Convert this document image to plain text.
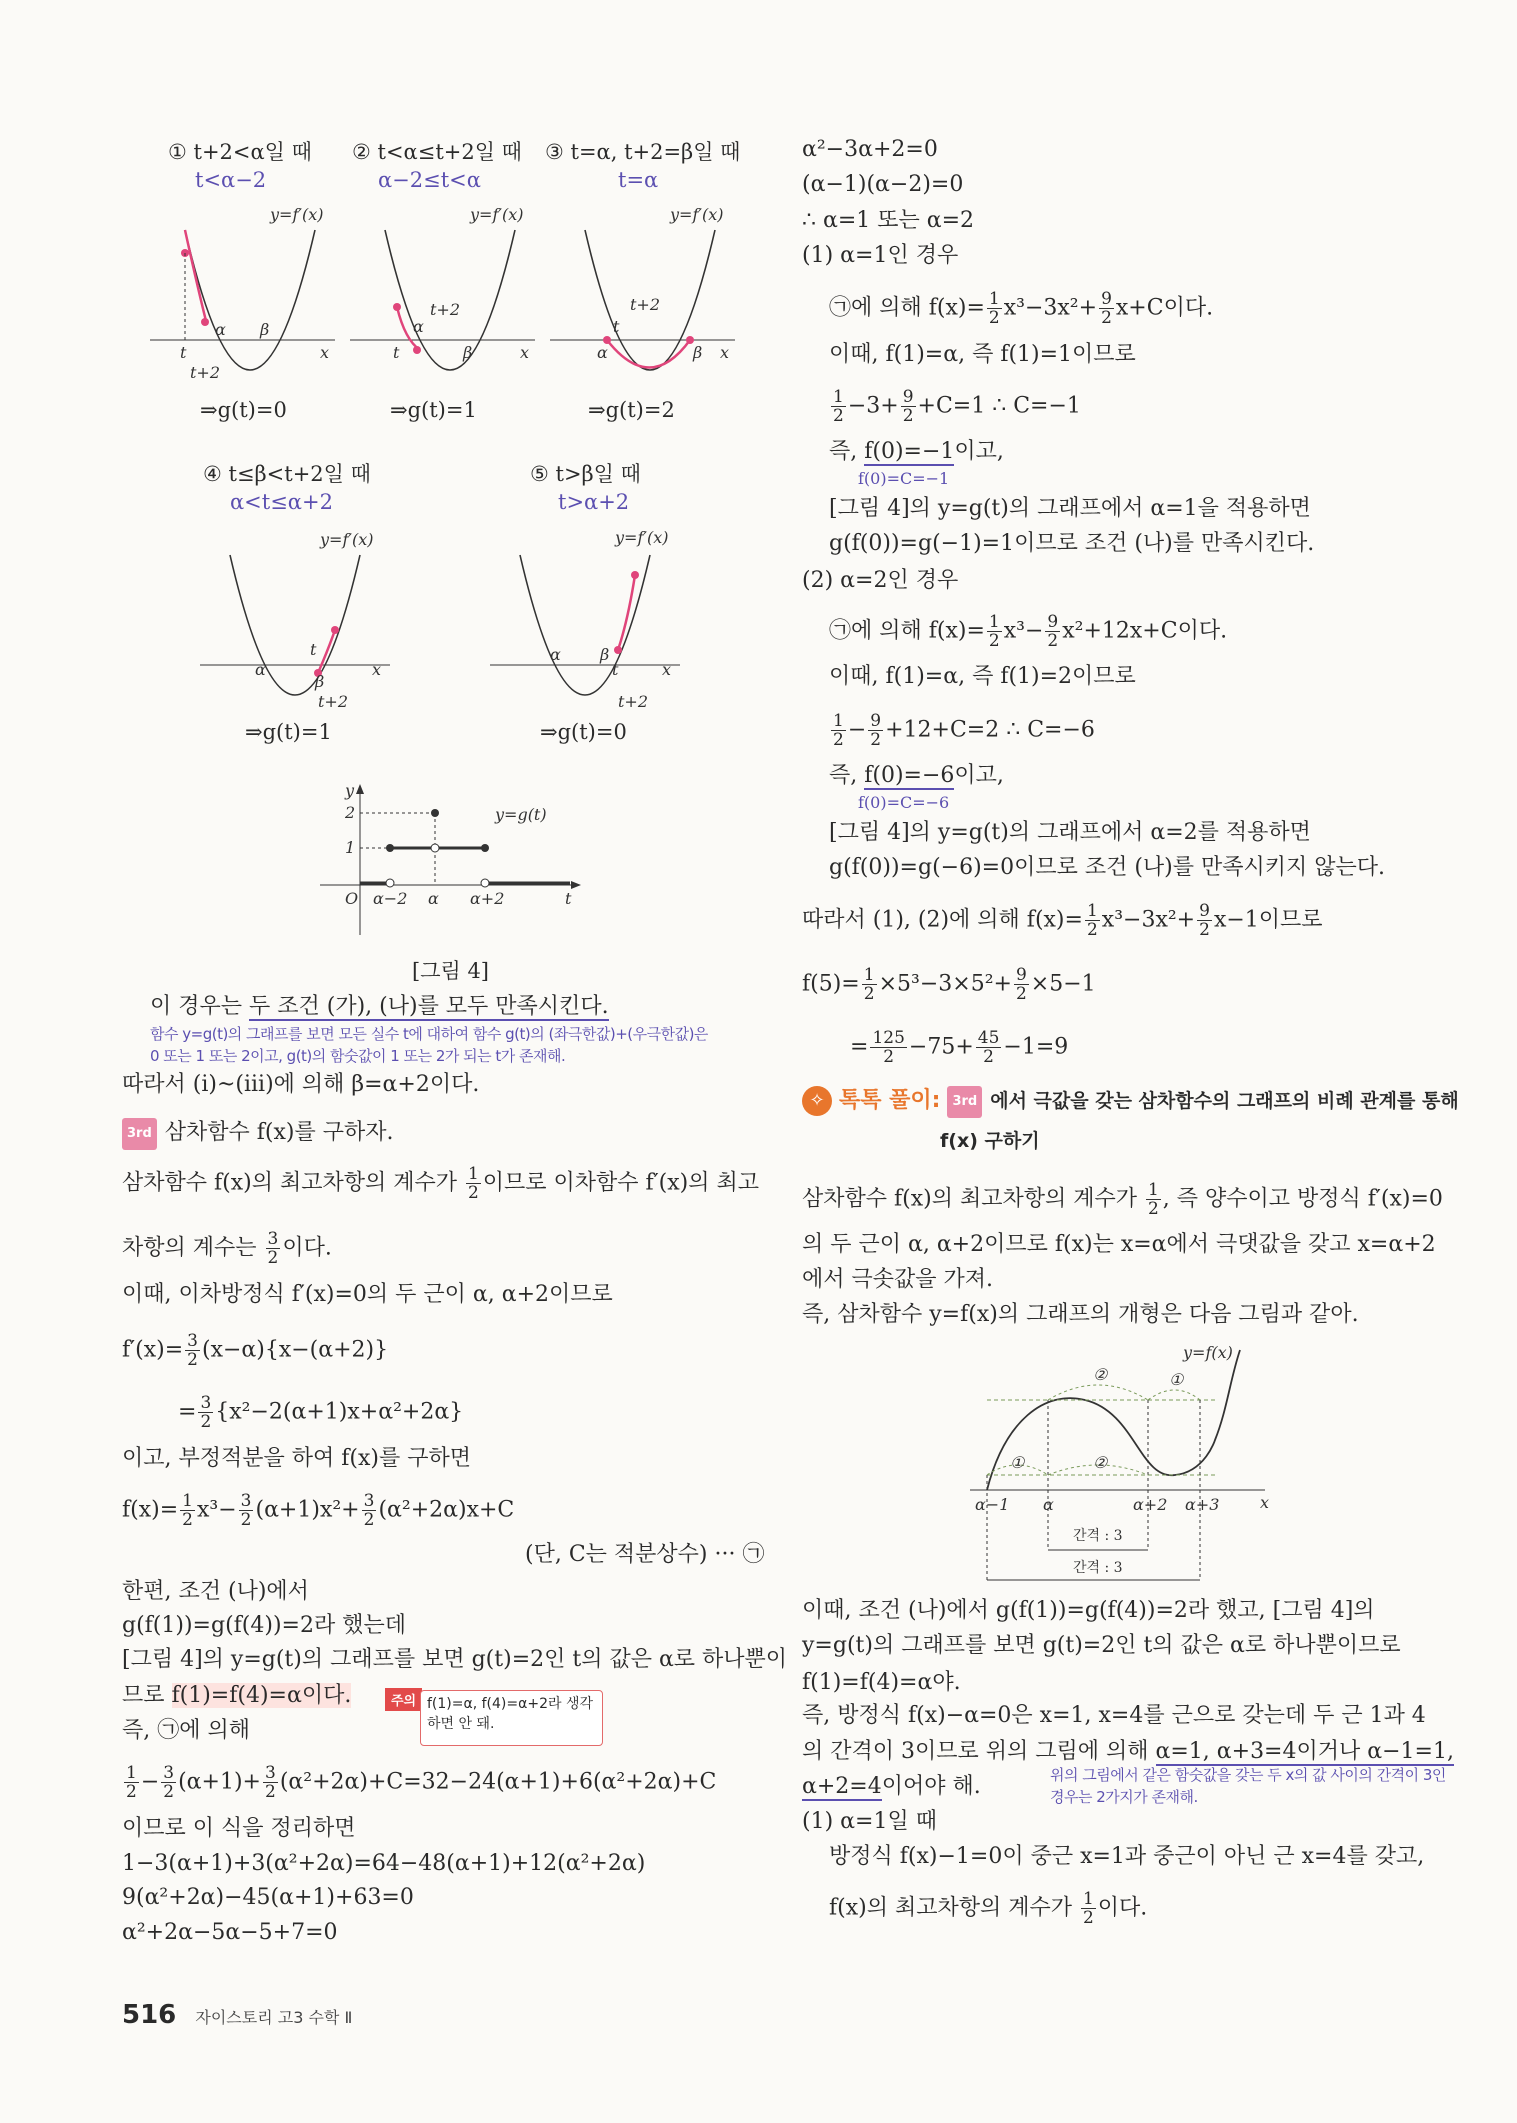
① t+2<α일 때
t<α−2
② t<α≤t+2일 때
α−2≤t<α
③ t=α, t+2=β일 때
t=α
y=f′(x)
α β
t
t+2
x
y=f′(x)
α
β
t
t+2
x
y=f′(x)
α	β
t
t+2
x
⇒g(t)=0	⇒g(t)=1	⇒g(t)=2
④ t≤β<t+2일 때
α<t≤α+2
⑤ t>β일 때
t>α+2
y=f′(x)
α
β
t
t+2
x
y=f′(x)
α β
t
t+2
x
⇒g(t)=1	⇒g(t)=0
y
2
1
O α−2 α α+2	t
y=g(t)
[그림 4]
이 경우는 두 조건 (가), (나)를 모두 만족시킨다.
함수 y=g(t)의 그래프를 보면 모든 실수 t에 대하여 함수 g(t)의 (좌극한값)+(우극한값)은
0 또는 1 또는 2이고, g(t)의 함숫값이 1 또는 2가 되는 t가 존재해.
따라서 (i)~(iii)에 의해 β=α+2이다.
3rd 삼차함수 f(x)를 구하자.
삼차함수 f(x)의 최고차항의 계수가 $\frac{1}{2}$ 이므로 이차함수 f′(x)의 최고
차항의 계수는 $\frac{3}{2}$ 이다.
이때, 이차방정식 f′(x)=0의 두 근이 α, α+2이므로
$f'(x)= \frac{3}{2} (x-\alpha)\{x-(\alpha+2)\}$
= $\frac{3}{2} \{x^2-2(\alpha+1)x+\alpha^2+2\alpha\}$
이고, 부정적분을 하여 f(x)를 구하면
$f(x)= \frac{1}{2} x^3- \frac{3}{2} (\alpha+1)x^2+ \frac{3}{2} (\alpha^2+2\alpha)x+C$
(단, C는 적분상수) ··· ㉠
한편, 조건 (나)에서
g(f(1))=g(f(4))=2라 했는데
[그림 4]의 y=g(t)의 그래프를 보면 g(t)=2인 t의 값은 α로 하나뿐이
므로 f(1)=f(4)=α이다.	주의 f(1)=α, f(4)=α+2라 생각하면 안 돼.
즉, ㉠에 의해
$\frac{1}{2} - \frac{3}{2} (\alpha+1)+ \frac{3}{2} (\alpha^2+2\alpha)+C=32-24(\alpha+1)+6(\alpha^2+2\alpha)+C$
이므로 이 식을 정리하면
1−3(α+1)+3(α²+2α)=64−48(α+1)+12(α²+2α)
9(α²+2α)−45(α+1)+63=0
α²+2α−5α−5+7=0
α²−3α+2=0
(α−1)(α−2)=0
∴ α=1 또는 α=2
(1) α=1인 경우
㉠에 의해 $f(x)= \frac{1}{2} x^3-3x^2+ \frac{9}{2} x+C$이다.
이때, f(1)=α, 즉 f(1)=1이므로
$\frac{1}{2} -3+ \frac{9}{2} +C=1$ ∴ C=−1
즉, f(0)=−1이고,
f(0)=C=−1
[그림 4]의 y=g(t)의 그래프에서 α=1을 적용하면
g(f(0))=g(−1)=1이므로 조건 (나)를 만족시킨다.
(2) α=2인 경우
㉠에 의해 $f(x)= \frac{1}{2} x^3- \frac{9}{2} x^2+12x+C$이다.
이때, f(1)=α, 즉 f(1)=2이므로
$\frac{1}{2} - \frac{9}{2} +12+C=2$ ∴ C=−6
즉, f(0)=−6이고,
f(0)=C=−6
[그림 4]의 y=g(t)의 그래프에서 α=2를 적용하면
g(f(0))=g(−6)=0이므로 조건 (나)를 만족시키지 않는다.
따라서 (1), (2)에 의해 $f(x)= \frac{1}{2} x^3-3x^2+ \frac{9}{2} x-1$이므로
$f(5)= \frac{1}{2} \times 5^3-3\times 5^2+ \frac{9}{2} \times 5-1$
= $\frac{125}{2} -75+ \frac{45}{2} -1=9$
✧ 톡톡 풀이: 3rd 에서 극값을 갖는 삼차함수의 그래프의 비례 관계를 통해
f(x) 구하기
삼차함수 f(x)의 최고차항의 계수가 $\frac{1}{2}$ , 즉 양수이고 방정식 f′(x)=0
의 두 근이 α, α+2이므로 f(x)는 x=α에서 극댓값을 갖고 x=α+2
에서 극솟값을 가져.
즉, 삼차함수 y=f(x)의 그래프의 개형은 다음 그림과 같아.
y=f(x)
α−1 α	α+2 α+3	x
②	①
①	②
간격 : 3
간격 : 3
이때, 조건 (나)에서 g(f(1))=g(f(4))=2라 했고, [그림 4]의
y=g(t)의 그래프를 보면 g(t)=2인 t의 값은 α로 하나뿐이므로
f(1)=f(4)=α야.
즉, 방정식 f(x)−α=0은 x=1, x=4를 근으로 갖는데 두 근 1과 4
의 간격이 3이므로 위의 그림에 의해 α=1, α+3=4이거나 α−1=1,
α+2=4이어야 해.	위의 그림에서 같은 함숫값을 갖는 두 x의 값 사이의 간격이 3인
경우는 2가지가 존재해.
(1) α=1일 때
방정식 f(x)−1=0이 중근 x=1과 중근이 아닌 근 x=4를 갖고,
f(x)의 최고차항의 계수가 $\frac{1}{2}$ 이다.
516 자이스토리 고3 수학 Ⅱ
